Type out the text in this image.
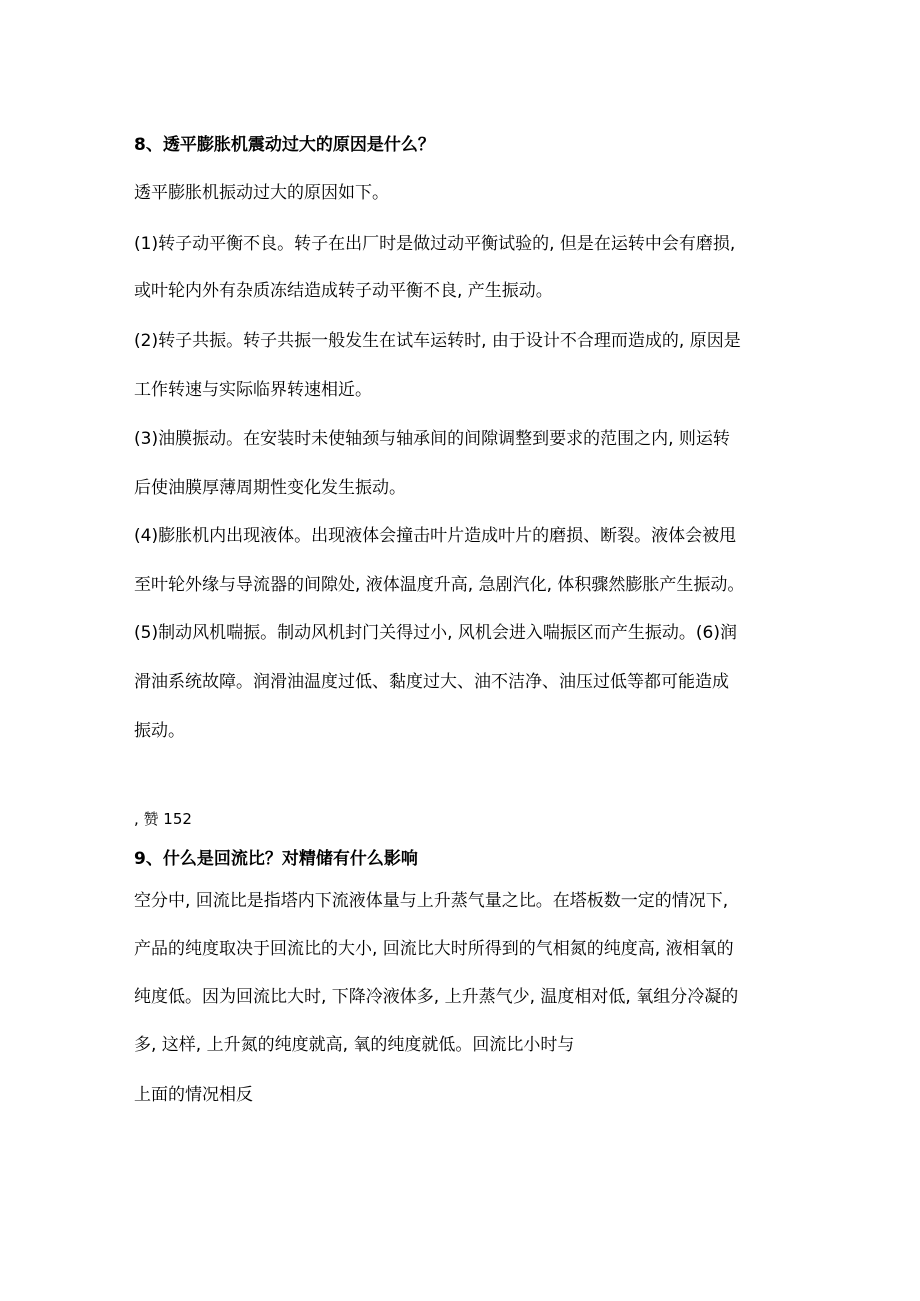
8、透平膨胀机震动过大的原因是什么？
透平膨胀机振动过大的原因如下。
(1)转子动平衡不良。转子在出厂时是做过动平衡试验的, 但是在运转中会有磨损,
或叶轮内外有杂质冻结造成转子动平衡不良, 产生振动。
(2)转子共振。转子共振一般发生在试车运转时, 由于设计不合理而造成的, 原因是
工作转速与实际临界转速相近。
(3)油膜振动。在安装时未使轴颈与轴承间的间隙调整到要求的范围之内, 则运转
后使油膜厚薄周期性变化发生振动。
(4)膨胀机内出现液体。出现液体会撞击叶片造成叶片的磨损、断裂。液体会被甩
至叶轮外缘与导流器的间隙处, 液体温度升高, 急剧汽化, 体积骤然膨胀产生振动。
(5)制动风机喘振。制动风机封门关得过小, 风机会进入喘振区而产生振动。(6)润
滑油系统故障。润滑油温度过低、黏度过大、油不洁净、油压过低等都可能造成
振动。
, 赞 152
9、什么是回流比？对精储有什么影响
空分中, 回流比是指塔内下流液体量与上升蒸气量之比。在塔板数一定的情况下,
产品的纯度取决于回流比的大小, 回流比大时所得到的气相氮的纯度高, 液相氧的
纯度低。因为回流比大时, 下降冷液体多, 上升蒸气少, 温度相对低, 氧组分冷凝的
多, 这样, 上升氮的纯度就高, 氧的纯度就低。回流比小时与
上面的情况相反
